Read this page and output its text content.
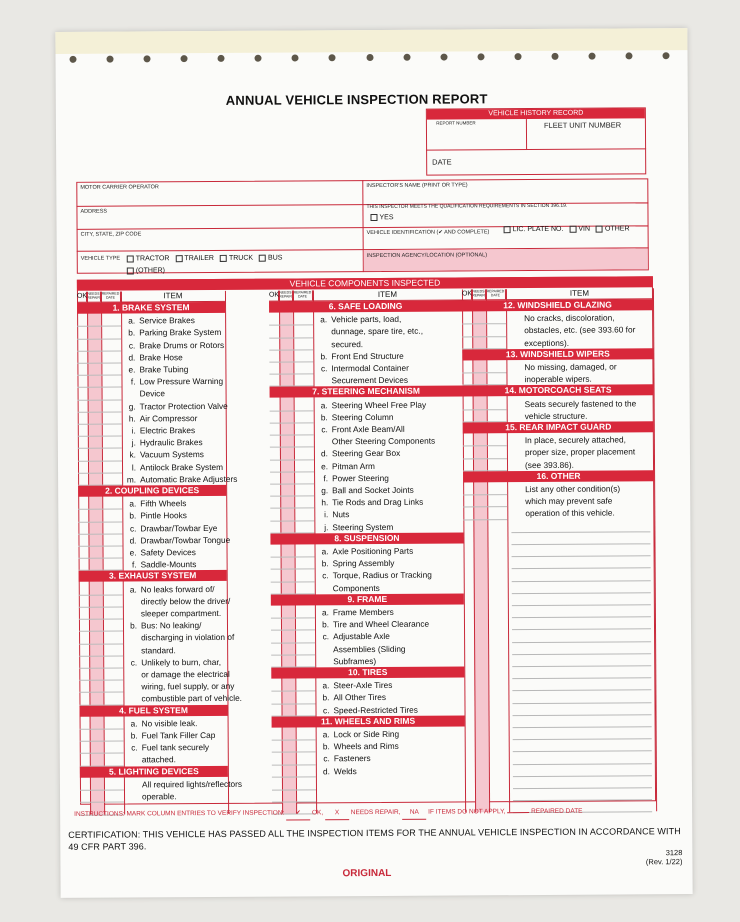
ANNUAL VEHICLE INSPECTION REPORT
VEHICLE HISTORY RECORD
REPORT NUMBER	FLEET UNIT NUMBER
DATE
MOTOR CARRIER OPERATOR
ADDRESS
CITY, STATE, ZIP CODE
VEHICLE TYPE	TRACTOR TRAILER TRUCK BUS
(OTHER)
INSPECTOR'S NAME (PRINT OR TYPE)
THIS INSPECTOR MEETS THE QUALIFICATION REQUIREMENTS IN SECTION 396.19.
YES
VEHICLE IDENTIFICATION (✔ AND COMPLETE)	LIC. PLATE NO. VIN OTHER
INSPECTION AGENCY/LOCATION (OPTIONAL)
VEHICLE COMPONENTS INSPECTED
OK NEEDS REPAIR
REPAIRED DATE	ITEM
1. BRAKE SYSTEM
a. Service Brakes
b. Parking Brake System
c. Brake Drums or Rotors
d. Brake Hose
e. Brake Tubing
f. Low Pressure Warning
Device
g. Tractor Protection Valve
h. Air Compressor
i. Electric Brakes
j. Hydraulic Brakes
k. Vacuum Systems
l. Antilock Brake System
m. Automatic Brake Adjusters
2. COUPLING DEVICES
a. Fifth Wheels
b. Pintle Hooks
c. Drawbar/Towbar Eye
d. Drawbar/Towbar Tongue
e. Safety Devices
f. Saddle-Mounts
3. EXHAUST SYSTEM
a. No leaks forward of/
directly below the driver/
sleeper compartment.
b. Bus: No leaking/
discharging in violation of
standard.
c. Unlikely to burn, char,
or damage the electrical
wiring, fuel supply, or any
combustible part of vehicle.
4. FUEL SYSTEM
a. No visible leak.
b. Fuel Tank Filler Cap
c. Fuel tank securely
attached.
5. LIGHTING DEVICES
All required lights/reflectors
operable.
OK NEEDS REPAIR
REPAIRED DATE	ITEM
6. SAFE LOADING
a. Vehicle parts, load,
dunnage, spare tire, etc.,
secured.
b. Front End Structure
c. Intermodal Container
Securement Devices
7. STEERING MECHANISM
a. Steering Wheel Free Play
b. Steering Column
c. Front Axle Beam/All
Other Steering Components
d. Steering Gear Box
e. Pitman Arm
f. Power Steering
g. Ball and Socket Joints
h. Tie Rods and Drag Links
i. Nuts
j. Steering System
8. SUSPENSION
a. Axle Positioning Parts
b. Spring Assembly
c. Torque, Radius or Tracking
Components
9. FRAME
a. Frame Members
b. Tire and Wheel Clearance
c. Adjustable Axle
Assemblies (Sliding
Subframes)
10. TIRES
a. Steer-Axle Tires
b. All Other Tires
c. Speed-Restricted Tires
11. WHEELS AND RIMS
a. Lock or Side Ring
b. Wheels and Rims
c. Fasteners
d. Welds
OK NEEDS REPAIR
REPAIRED DATE	ITEM
12. WINDSHIELD GLAZING
No cracks, discoloration,
obstacles, etc. (see 393.60 for
exceptions).
13. WINDSHIELD WIPERS
No missing, damaged, or
inoperable wipers.
14. MOTORCOACH SEATS
Seats securely fastened to the
vehicle structure.
15. REAR IMPACT GUARD
In place, securely attached,
proper size, proper placement
(see 393.86).
16. OTHER
List any other condition(s)
which may prevent safe
operation of this vehicle.
INSTRUCTIONS: MARK COLUMN ENTRIES TO VERIFY INSPECTION: ✔ OK, X NEEDS REPAIR, NA IF ITEMS DO NOT APPLY,	REPAIRED DATE
CERTIFICATION: THIS VEHICLE HAS PASSED ALL THE INSPECTION ITEMS FOR THE ANNUAL VEHICLE INSPECTION IN ACCORDANCE WITH 49 CFR PART 396.
3128
(Rev. 1/22)
ORIGINAL
